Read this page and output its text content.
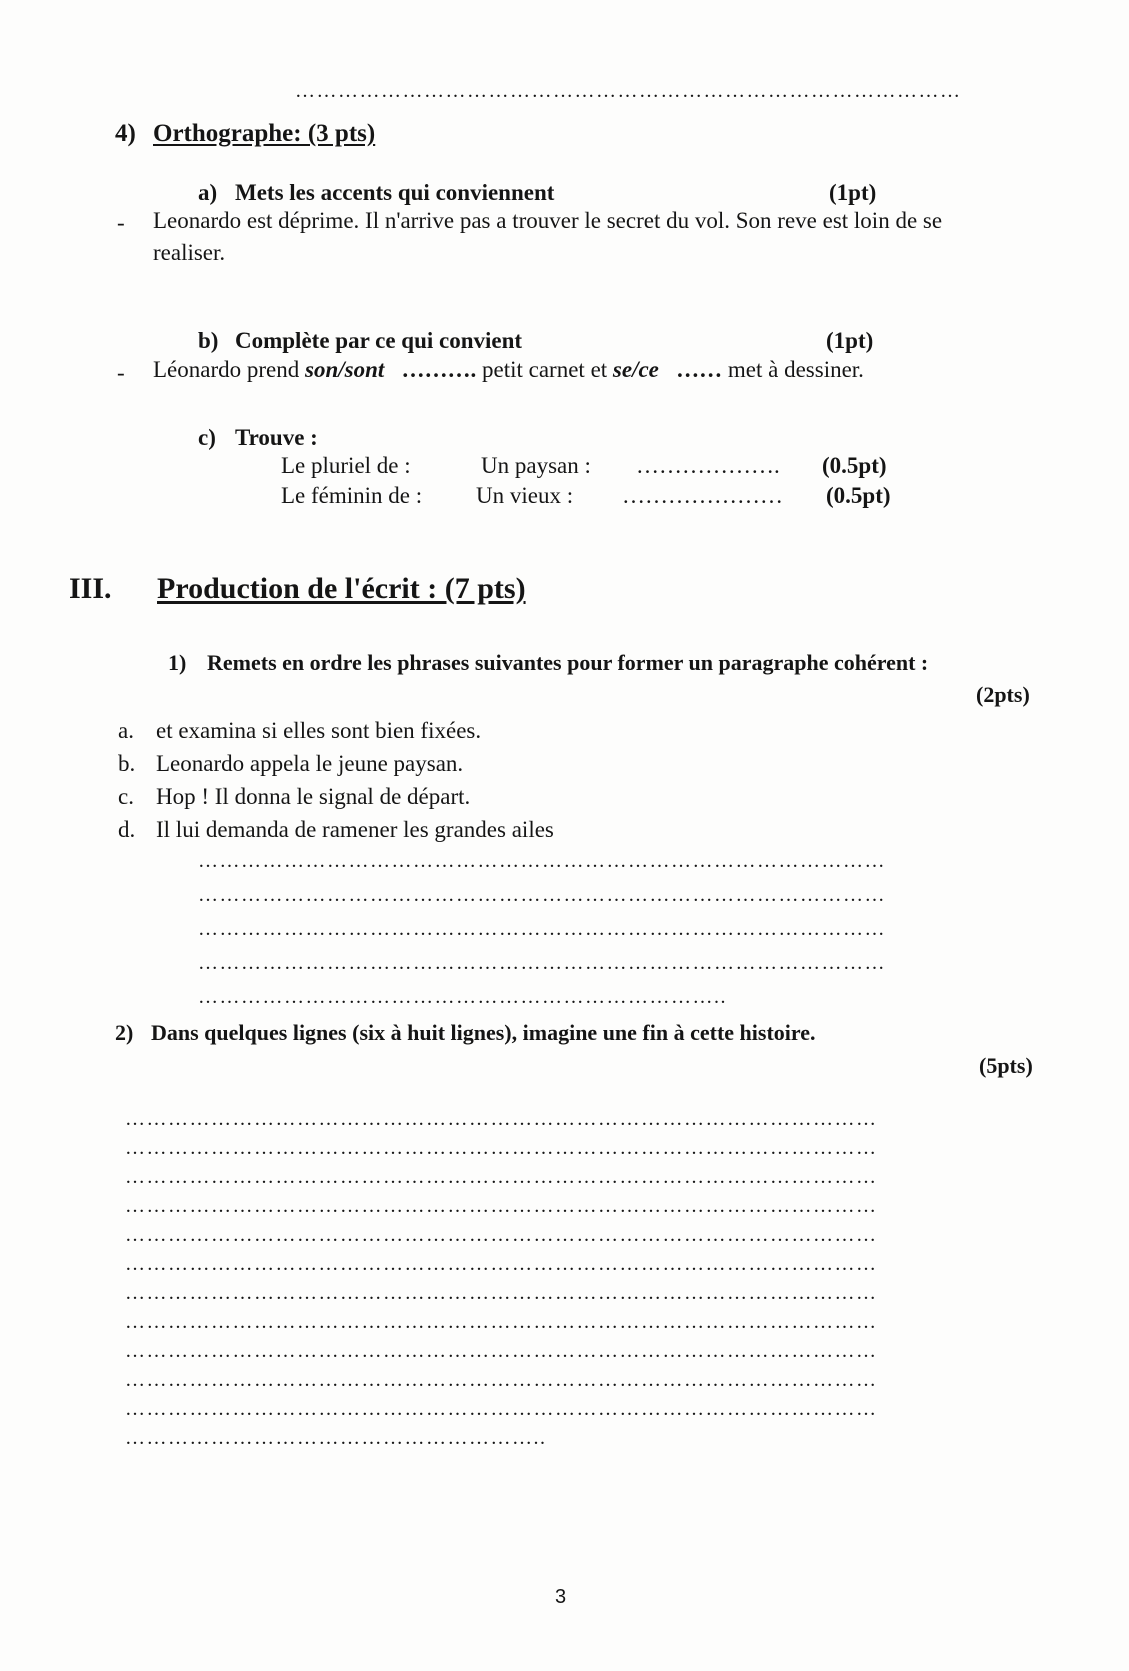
…………………………………………………………………………………
4) Orthographe: (3 pts)
a) Mets les accents qui conviennent	(1pt)
- Leonardo est déprime. Il n'arrive pas a trouver le secret du vol. Son reve est loin de se
realiser.
b) Complète par ce qui convient	(1pt)
- Léonardo prend son/sont ………. petit carnet et se/ce …… met à dessiner.
c) Trouve :
Le pluriel de :	Un paysan : ………………. (0.5pt)
Le féminin de : Un vieux : ………………… (0.5pt)
III. Production de l'écrit : (7 pts)
1) Remets en ordre les phrases suivantes pour former un paragraphe cohérent :
(2pts)
a. et examina si elles sont bien fixées.
b. Leonardo appela le jeune paysan.
c. Hop ! Il donna le signal de départ.
d. Il lui demanda de ramener les grandes ailes
……………………………………………………………………………………
……………………………………………………………………………………
……………………………………………………………………………………
……………………………………………………………………………………
………………………………………………………………..
2) Dans quelques lignes (six à huit lignes), imagine une fin à cette histoire.
(5pts)
……………………………………………………………………………………………
……………………………………………………………………………………………
……………………………………………………………………………………………
……………………………………………………………………………………………
……………………………………………………………………………………………
……………………………………………………………………………………………
……………………………………………………………………………………………
……………………………………………………………………………………………
……………………………………………………………………………………………
……………………………………………………………………………………………
……………………………………………………………………………………………
…………………………………………………..
3
